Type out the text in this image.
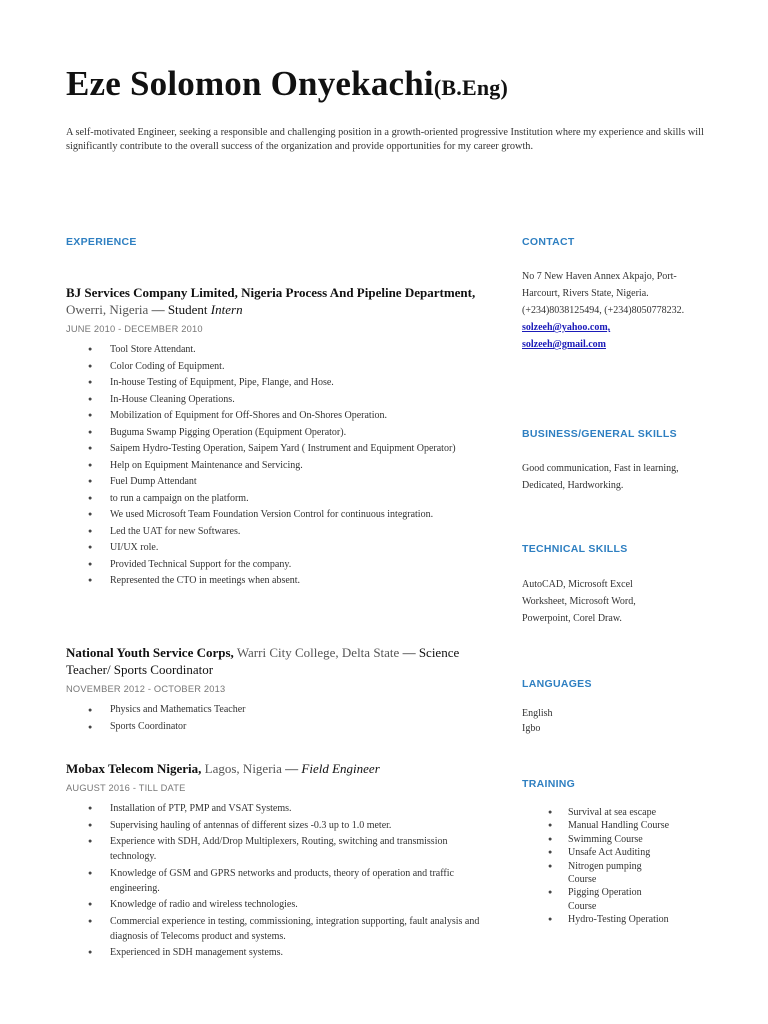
Eze Solomon Onyekachi(B.Eng)

A self-motivated Engineer, seeking a responsible and challenging position in a growth-oriented progressive Institution where my experience and skills will significantly contribute to the overall success of the organization and provide opportunities for my career growth.

EXPERIENCE

BJ Services Company Limited, Nigeria Process And Pipeline Department, Owerri, Nigeria — Student Intern

JUNE 2010 - DECEMBER 2010

● Tool Store Attendant.
● Color Coding of Equipment.
● In-house Testing of Equipment, Pipe, Flange, and Hose.
● In-House Cleaning Operations.
● Mobilization of Equipment for Off-Shores and On-Shores Operation.
● Buguma Swamp Pigging Operation (Equipment Operator).
● Saipem Hydro-Testing Operation, Saipem Yard ( Instrument and Equipment Operator)
● Help on Equipment Maintenance and Servicing.
● Fuel Dump Attendant
● to run a campaign on the platform.
● We used Microsoft Team Foundation Version Control for continuous integration.
● Led the UAT for new Softwares.
● UI/UX role.
● Provided Technical Support for the company.
● Represented the CTO in meetings when absent.

National Youth Service Corps, Warri City College, Delta State — Science Teacher/ Sports Coordinator

NOVEMBER 2012 - OCTOBER 2013

● Physics and Mathematics Teacher
● Sports Coordinator

Mobax Telecom Nigeria, Lagos, Nigeria — Field Engineer

AUGUST 2016 - TILL DATE

● Installation of PTP, PMP and VSAT Systems.
● Supervising hauling of antennas of different sizes -0.3 up to 1.0 meter.
● Experience with SDH, Add/Drop Multiplexers, Routing, switching and transmission technology.
● Knowledge of GSM and GPRS networks and products, theory of operation and traffic engineering.
● Knowledge of radio and wireless technologies.
● Commercial experience in testing, commissioning, integration supporting, fault analysis and diagnosis of Telecoms product and systems.
● Experienced in SDH management systems.
CONTACT

No 7 New Haven Annex Akpajo, Port-Harcourt, Rivers State, Nigeria. (+234)8038125494, (+234)8050778232.

solzeeh@yahoo.com,

solzeeh@gmail.com

BUSINESS/GENERAL SKILLS

Good communication, Fast in learning, Dedicated, Hardworking.

TECHNICAL SKILLS

AutoCAD, Microsoft Excel Worksheet, Microsoft Word, Powerpoint, Corel Draw.

LANGUAGES

English

Igbo

TRAINING
● Survival at sea escape
● Manual Handling Course
● Swimming Course
● Unsafe Act Auditing
● Nitrogen pumping Course
● Pigging Operation Course
● Hydro-Testing Operation
